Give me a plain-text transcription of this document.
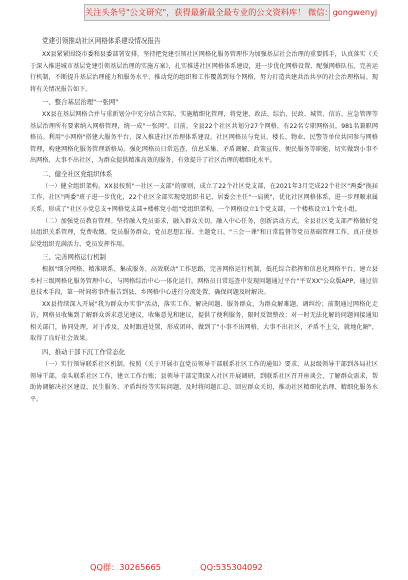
关注头条号"公文研究"，获得最新最全最专业的公文资料库！ 微信：gongwenyj
党建引领推动社区网格体系建设情况报告

XX县紧紧围绕市委和县委部署安排，坚持把党建引领社区网格化服务管理作为加强基层社会治理的重要抓手，认真落实《关于深入推进城市基层党建引领基层治理的实施方案》，扎实推进社区网格体系建设，进一步优化网格设置、配强网格队伍、完善运行机制，不断提升基层治理能力和服务水平，推动党的组织和工作覆盖到每个网格，努力打造共建共治共享的社会治理格局。现将有关情况报告如下。

一、整合基层治理"一张网"

XX县在基层网格合并与重新划分中充分结合实际，实施精细化管理，将党建、政法、综治、民政、城管、信访、应急管理等基层治理所有要素纳入网格管理，统一成"一张网"。目前，全县22个社区共划分27个网格，有22名专职网格员，981名兼职网格员。利用"小网格"搭建大服务平台，深入推进社区治理体系建设。社区网格员与党员、楼长、物业、民警等单位共同参与网格管理，构建网格化服务管理新格局。强化网格员日常巡查、信息采集、矛盾调解、政策宣传、便民服务等职能，切实做到小事不出网格、大事不出社区，为群众提供精准高效的服务，有效提升了社区治理的精细化水平。

二、健全社区党组织体系

（一）健全组织架构。XX县按照"一社区一支部"的原则，成立了22个社区党支部，在2021年3月完成22个社区"两委"换届工作，社区"两委"班子进一步优化，22个社区全部实现党组织书记、居委会主任"一肩挑"，优化社区网格体系，进一步理顺隶属关系，形成了"社区小党总支+网格党支部+楼栋党小组"党组织架构，一个网格设立1个党支部，一个楼栋设立1个党小组。

（二）加强党员教育管理。坚持融入党员需求，融入群众关切，融入中心任务，创新活动方式，全县社区党支部严格做好党员组织关系管理，党费收缴、党员服务群众、党员思想汇报。主题党日、"三会一课"和日常监督等党员基础管理工作，真正使基层党组织充满活力、党员发挥作用。

三、完善网格运行机制

根据"细分网格、精准联系、集成服务、高效联动"工作思路，完善网格运行机制，低托综合指挥和信息化网格平台，建立县乡村三级网格化服务管理中心，与网格综治中心一体化运行，网格员日常巡查中发现问题通过平台"平安XX"公众版APP，通过信息技术手段，第一时间将事件报告到县、乡网格中心进行分流处置，确保问题及时解决。

XX县持续深入开展"我为群众办实事"活动，落实工作、解决问题、服务群众，为群众解难题，调纠纷；前期通过网格化走访，网格员收集到了解群众诉求意见建议，收集意见和建议，提供了便利服务，限时反馈整改：对一时无法化解的问题间接通知相关部门，协同处理，对于涉及，及时跟进处置，形成闭环，做到了"小事不出网格，大事不出社区，矛盾不上交，就地化解"，取得了良好社会效果。

四、推动干部下沉工作常态化

（一）实行领导联系社区机制。按照《关于开展市直党员领导干部联系社区工作的通知》要求，从县级领导干部到各局社区领导干部，牵头联系社区工作，建立工作台账；县领导干部定期深入社区开展调研，到联系社区召开座谈会，了解群众需求，帮助协调解决社区建设、民生服务、矛盾纠纷等实际问题，及时将问题汇总、回应群众关切，推动社区精细化治理、精细化服务水平。

QQ群：30265665	QQ:535304092
